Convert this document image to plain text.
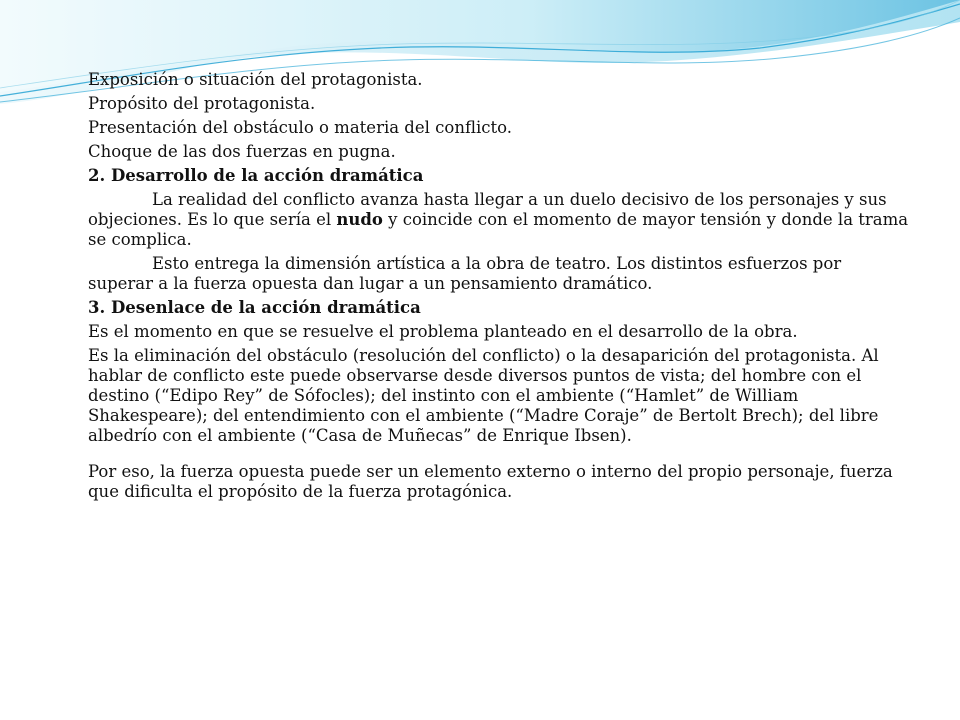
Exposición o situación del protagonista.

Propósito del protagonista.

Presentación del obstáculo o materia del conflicto.

Choque de las dos fuerzas en pugna.

2. Desarrollo de la acción dramática

La realidad del conflicto avanza hasta llegar a un duelo decisivo de los personajes y sus objeciones. Es lo que sería el nudo y coincide con el momento de mayor tensión y donde la trama se complica.

Esto entrega la dimensión artística a la obra de teatro. Los distintos esfuerzos por superar a la fuerza opuesta dan lugar a un pensamiento dramático.

3. Desenlace de la acción dramática

Es el momento en que se resuelve el problema planteado en el desarrollo de la obra.

Es la eliminación del obstáculo (resolución del conflicto) o la desaparición del protagonista. Al hablar de conflicto este puede observarse desde diversos puntos de vista; del hombre con el destino (“Edipo Rey” de Sófocles); del instinto con el ambiente (“Hamlet” de William Shakespeare); del entendimiento con el ambiente (“Madre Coraje” de Bertolt Brech); del libre albedrío con el ambiente (“Casa de Muñecas” de Enrique Ibsen).

Por eso, la fuerza opuesta puede ser un elemento externo o interno del propio personaje, fuerza que dificulta el propósito de la fuerza protagónica.
